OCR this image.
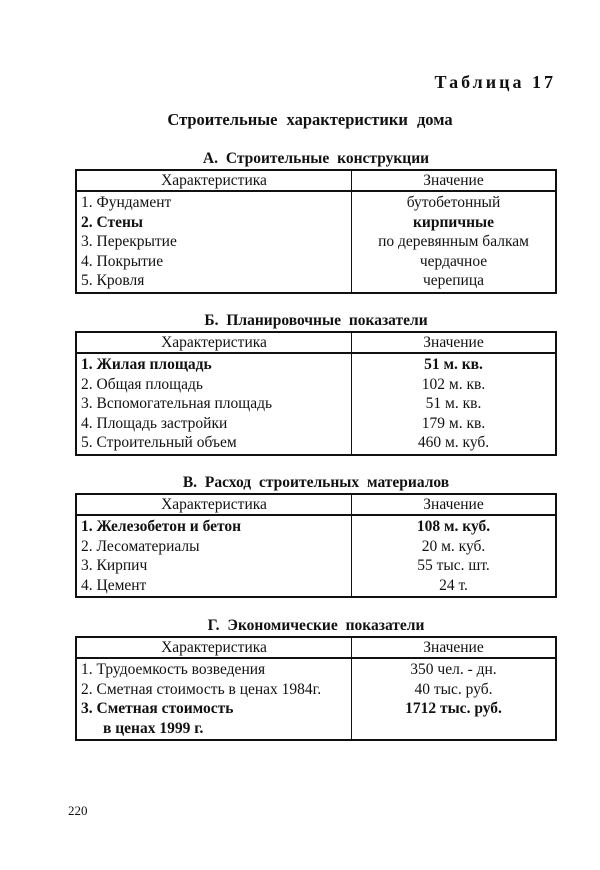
Таблица 17
Строительные характеристики дома
А. Строительные конструкции
Характеристика	Значение
1. Фундамент	бутобетонный
2. Стены	кирпичные
3. Перекрытие	по деревянным балкам
4. Покрытие	чердачное
5. Кровля	черепица
Б. Планировочные показатели
Характеристика	Значение
1. Жилая площадь	51 м. кв.
2. Общая площадь	102 м. кв.
3. Вспомогательная площадь	51 м. кв.
4. Площадь застройки	179 м. кв.
5. Строительный объем	460 м. куб.
В. Расход строительных материалов
Характеристика	Значение
1. Железобетон и бетон	108 м. куб.
2. Лесоматериалы	20 м. куб.
3. Кирпич	55 тыс. шт.
4. Цемент	24 т.
Г. Экономические показатели
Характеристика	Значение
1. Трудоемкость возведения	350 чел. - дн.
2. Сметная стоимость в ценах 1984г.	40 тыс. руб.
3. Сметная стоимость
в ценах 1999 г.	1712 тыс. руб.
220
